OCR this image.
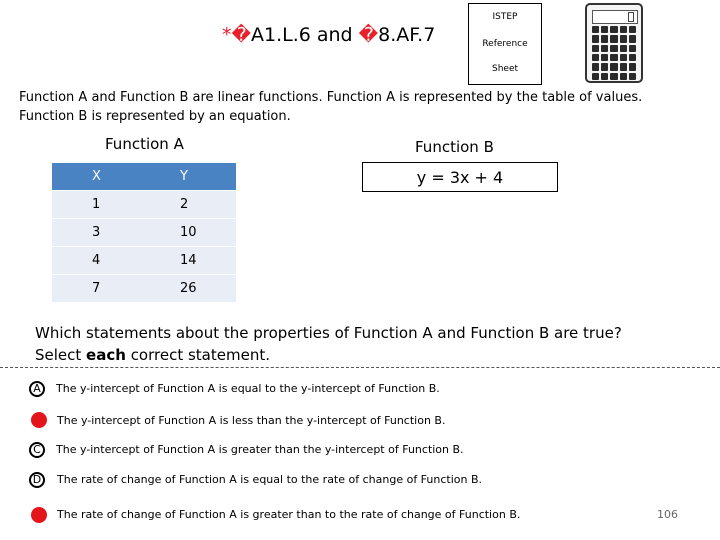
*�A1.L.6 and �8.AF.7
ISTEP
Reference
Sheet
Function A and Function B are linear functions. Function A is represented by the table of values. Function B is represented by an equation.
Function A
X	Y
1	2
3	10
4	14
7	26
Function B
y = 3x + 4
Which statements about the properties of Function A and Function B are true?
Select each correct statement.
A	The y-intercept of Function A is equal to the y-intercept of Function B.
The y-intercept of Function A is less than the y-intercept of Function B.
C	The y-intercept of Function A is greater than the y-intercept of Function B.
D	The rate of change of Function A is equal to the rate of change of Function B.
The rate of change of Function A is greater than to the rate of change of Function B.	106
